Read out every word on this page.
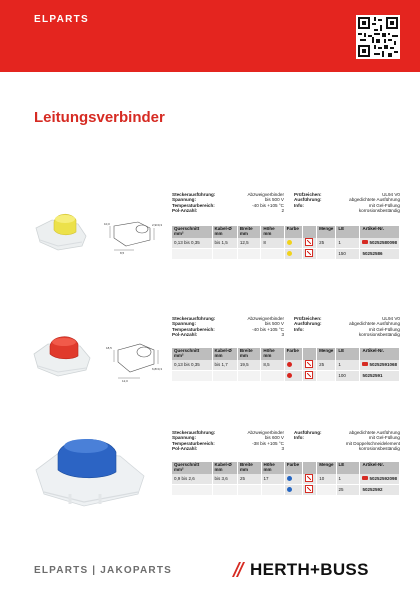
ELPARTS
Leitungsverbinder
10,0	2,9±0,3
8,5
Steckerausführung:	Abzweigverbinder Prüfzeichen:	UL94 V0
Spannung:	bis 500 V Ausführung:	abgedichtete Ausführung
Temperaturbereich:	-40 bis +105 °C Info:	mit Gel-Füllung
Pol-Anzahl:	2	korrosionsbeständig
Querschnitt mm²	Kabel-Ø mm	Breite mm	Höhe mm	Farbe		Menge	LE	Artikel-Nr.
0,13 bis 0,35	bis 1,5	12,5	8			25	1	50252580098
							150	50252586
18,5
6,8±0,3
12,0
Steckerausführung:	Abzweigverbinder Prüfzeichen:	UL94 V0
Spannung:	bis 500 V Ausführung:	abgedichtete Ausführung
Temperaturbereich:	-40 bis +105 °C Info:	mit Gel-Füllung
Pol-Anzahl:	3	korrosionsbeständig
Querschnitt mm²	Kabel-Ø mm	Breite mm	Höhe mm	Farbe		Menge	LE	Artikel-Nr.
0,13 bis 0,35	bis 1,7	19,5	8,5			25	1	50252591068
							100	50252591
Steckerausführung:	Abzweigverbinder Ausführung:	abgedichtete Ausführung
Spannung:	bis 600 V Info:	mit Gel-Füllung
Temperaturbereich:	-38 bis +105 °C	mit Doppelschneidelement
Pol-Anzahl:	3	korrosionsbeständig
Querschnitt mm²	Kabel-Ø mm	Breite mm	Höhe mm	Farbe		Menge	LE	Artikel-Nr.
0,9 bis 2,6	bis 3,6	25	17			10	1	50252592098
							25	50252592
ELPARTS | JAKOPARTS	HERTH+BUSS
